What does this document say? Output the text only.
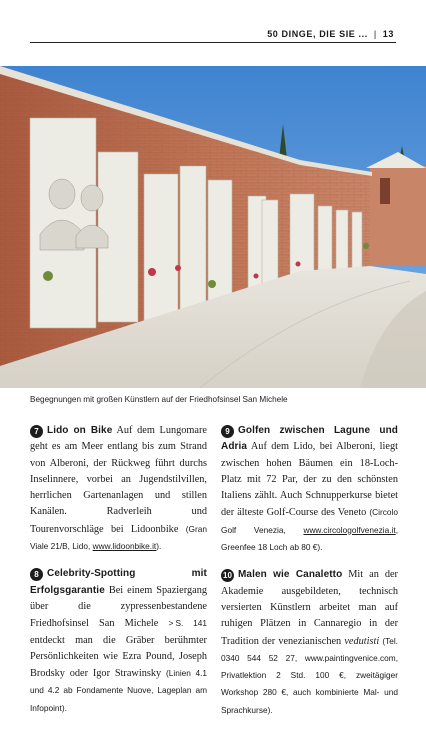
50 DINGE, DIE SIE ... | 13
Begegnungen mit großen Künstlern auf der Friedhofsinsel San Michele

7 Lido on Bike Auf dem Lungomare geht es am Meer entlang bis zum Strand von Alberoni, der Rückweg führt durchs Inselinnere, vorbei an Jugendstilvillen, herrlichen Gartenanlagen und stillen Kanälen. Radverleih und Tourenvorschläge bei Lidoonbike (Gran Viale 21/B, Lido, www.lidoonbike.it).

8 Celebrity-Spotting mit Erfolgsgarantie Bei einem Spaziergang über die zypressenbestandene Friedhofsinsel San Michele >  S. 141 entdeckt man die Gräber berühmter Persönlichkeiten wie Ezra Pound, Joseph Brodsky oder Igor Strawinsky (Linien 4.1 und 4.2 ab Fondamente Nuove, Lageplan am Infopoint).

9 Golfen zwischen Lagune und Adria Auf dem Lido, bei Alberoni, liegt zwischen hohen Bäumen ein 18-Loch-Platz mit 72 Par, der zu den schönsten Italiens zählt. Auch Schnupperkurse bietet der älteste Golf-Course des Veneto (Circolo Golf Venezia, www.circologolfvenezia.it, Greenfee 18 Loch ab 80 €).

10 Malen wie Canaletto Mit an der Akademie ausgebildeten, technisch versierten Künstlern arbeitet man auf ruhigen Plätzen in Cannaregio in der Tradition der venezianischen vedutisti (Tel. 0340 544 52 27, www.paintingvenice.com, Privatlektion 2 Std. 100 €, zweitägiger Workshop 280 €, auch kombinierte Mal- und Sprachkurse).
